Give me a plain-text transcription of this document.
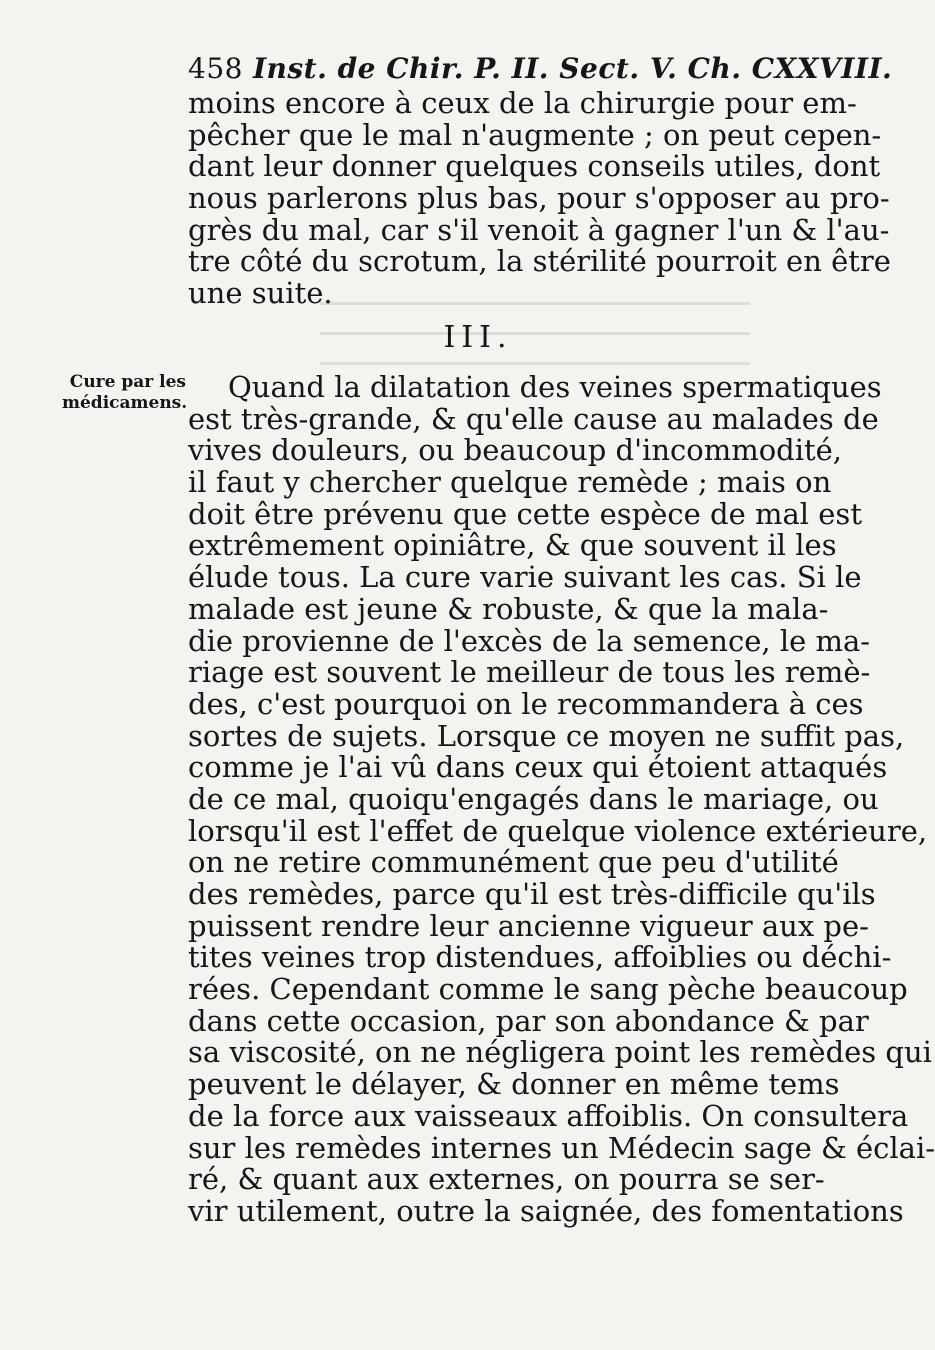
458 Inst. de Chir. P. II. Sect. V. Ch. CXXVIII.
moins encore à ceux de la chirurgie pour em-
pêcher que le mal n'augmente ; on peut cepen-
dant leur donner quelques conseils utiles, dont
nous parlerons plus bas, pour s'opposer au pro-
grès du mal, car s'il venoit à gagner l'un & l'au-
tre côté du scrotum, la stérilité pourroit en être
une suite.
III.
Cure par les
médicamens.	Quand la dilatation des veines spermatiques
est très-grande, & qu'elle cause au malades de
vives douleurs, ou beaucoup d'incommodité,
il faut y chercher quelque remède ; mais on
doit être prévenu que cette espèce de mal est
extrêmement opiniâtre, & que souvent il les
élude tous. La cure varie suivant les cas. Si le
malade est jeune & robuste, & que la mala-
die provienne de l'excès de la semence, le ma-
riage est souvent le meilleur de tous les remè-
des, c'est pourquoi on le recommandera à ces
sortes de sujets. Lorsque ce moyen ne suffit pas,
comme je l'ai vû dans ceux qui étoient attaqués
de ce mal, quoiqu'engagés dans le mariage, ou
lorsqu'il est l'effet de quelque violence extérieure,
on ne retire communément que peu d'utilité
des remèdes, parce qu'il est très-difficile qu'ils
puissent rendre leur ancienne vigueur aux pe-
tites veines trop distendues, affoiblies ou déchi-
rées. Cependant comme le sang pèche beaucoup
dans cette occasion, par son abondance & par
sa viscosité, on ne négligera point les remèdes qui
peuvent le délayer, & donner en même tems
de la force aux vaisseaux affoiblis. On consultera
sur les remèdes internes un Médecin sage & éclai-
ré, & quant aux externes, on pourra se ser-
vir utilement, outre la saignée, des fomentations
